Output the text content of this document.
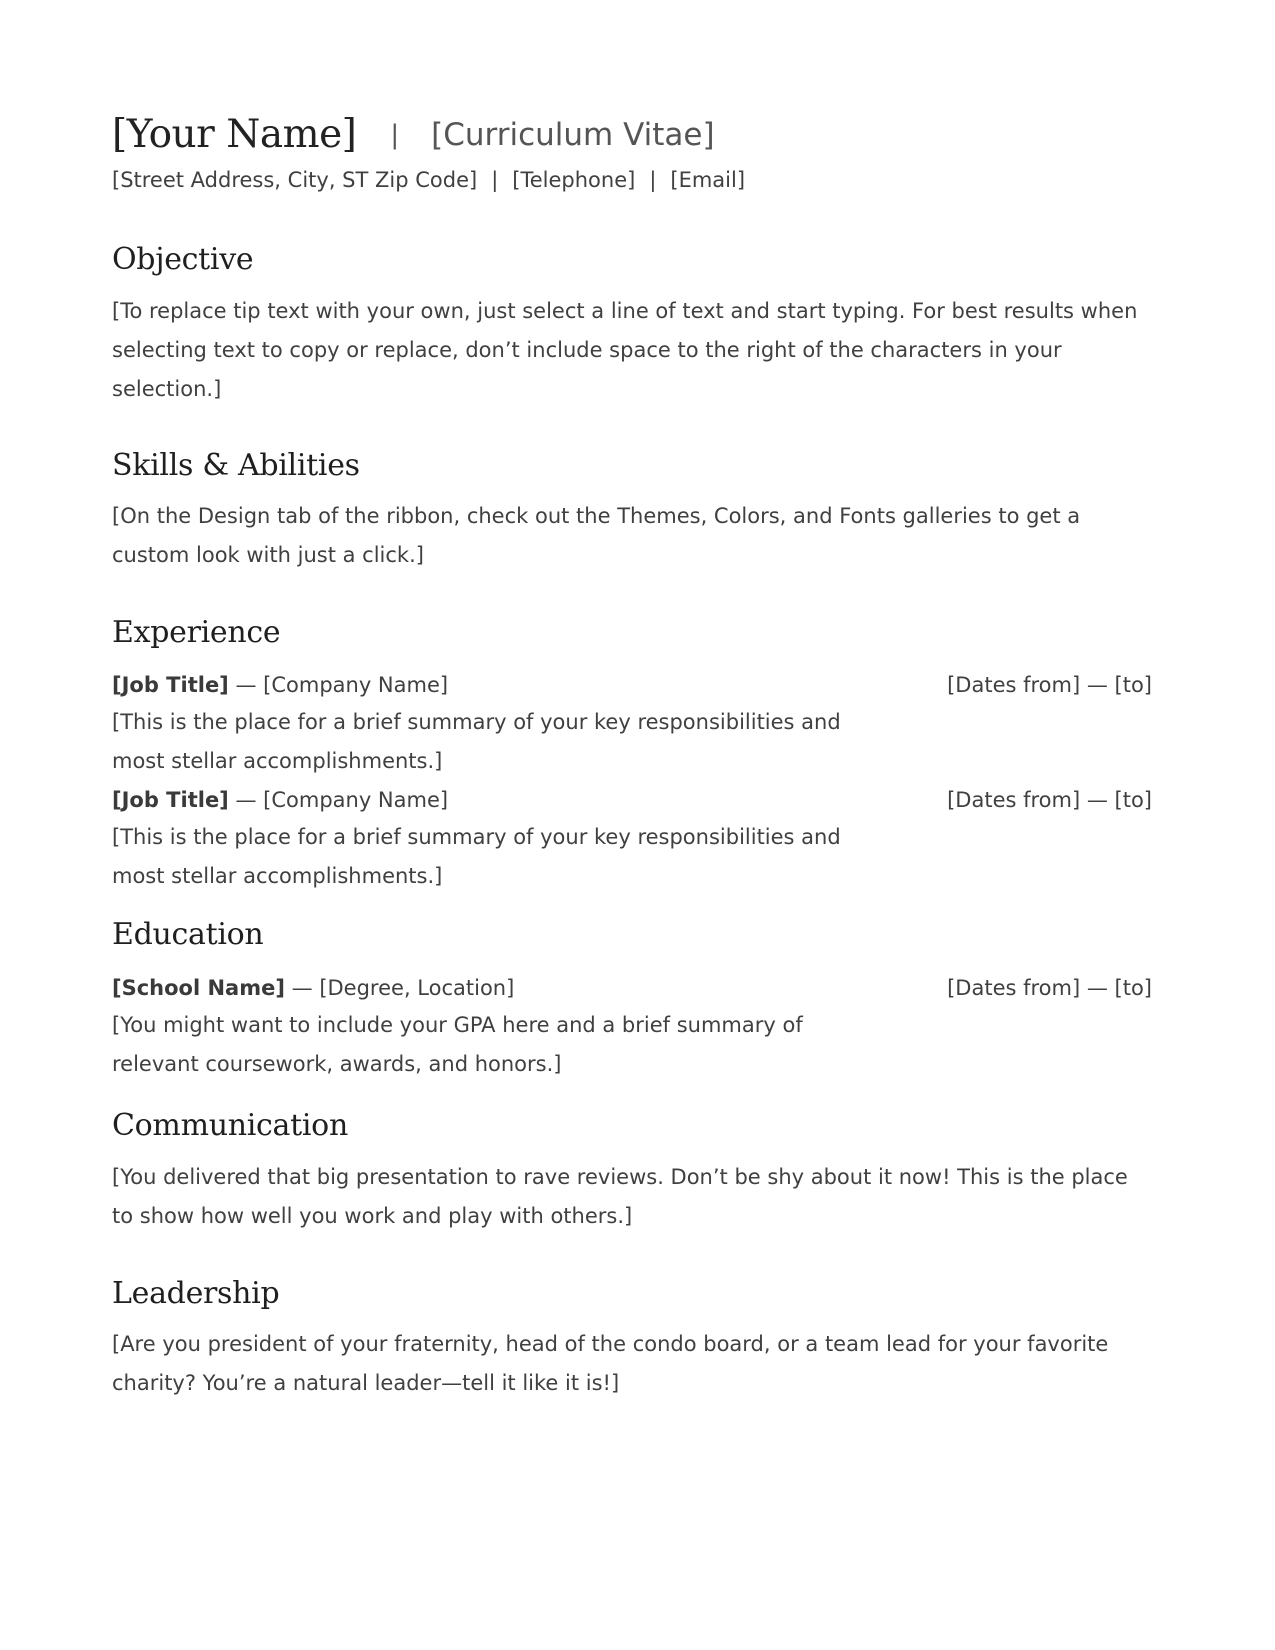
[Your Name] | [Curriculum Vitae]
[Street Address, City, ST Zip Code] | [Telephone] | [Email]
Objective

[To replace tip text with your own, just select a line of text and start typing. For best results when selecting text to copy or replace, don’t include space to the right of the characters in your selection.]

Skills & Abilities

[On the Design tab of the ribbon, check out the Themes, Colors, and Fonts galleries to get a custom look with just a click.]

Experience
[Job Title] — [Company Name]	[Dates from] — [to]

[This is the place for a brief summary of your key responsibilities and most stellar accomplishments.]

[Job Title] — [Company Name]	[Dates from] — [to]

[This is the place for a brief summary of your key responsibilities and most stellar accomplishments.]

Education
[School Name] — [Degree, Location]	[Dates from] — [to]

[You might want to include your GPA here and a brief summary of relevant coursework, awards, and honors.]

Communication

[You delivered that big presentation to rave reviews. Don’t be shy about it now! This is the place to show how well you work and play with others.]

Leadership

[Are you president of your fraternity, head of the condo board, or a team lead for your favorite charity? You’re a natural leader—tell it like it is!]
